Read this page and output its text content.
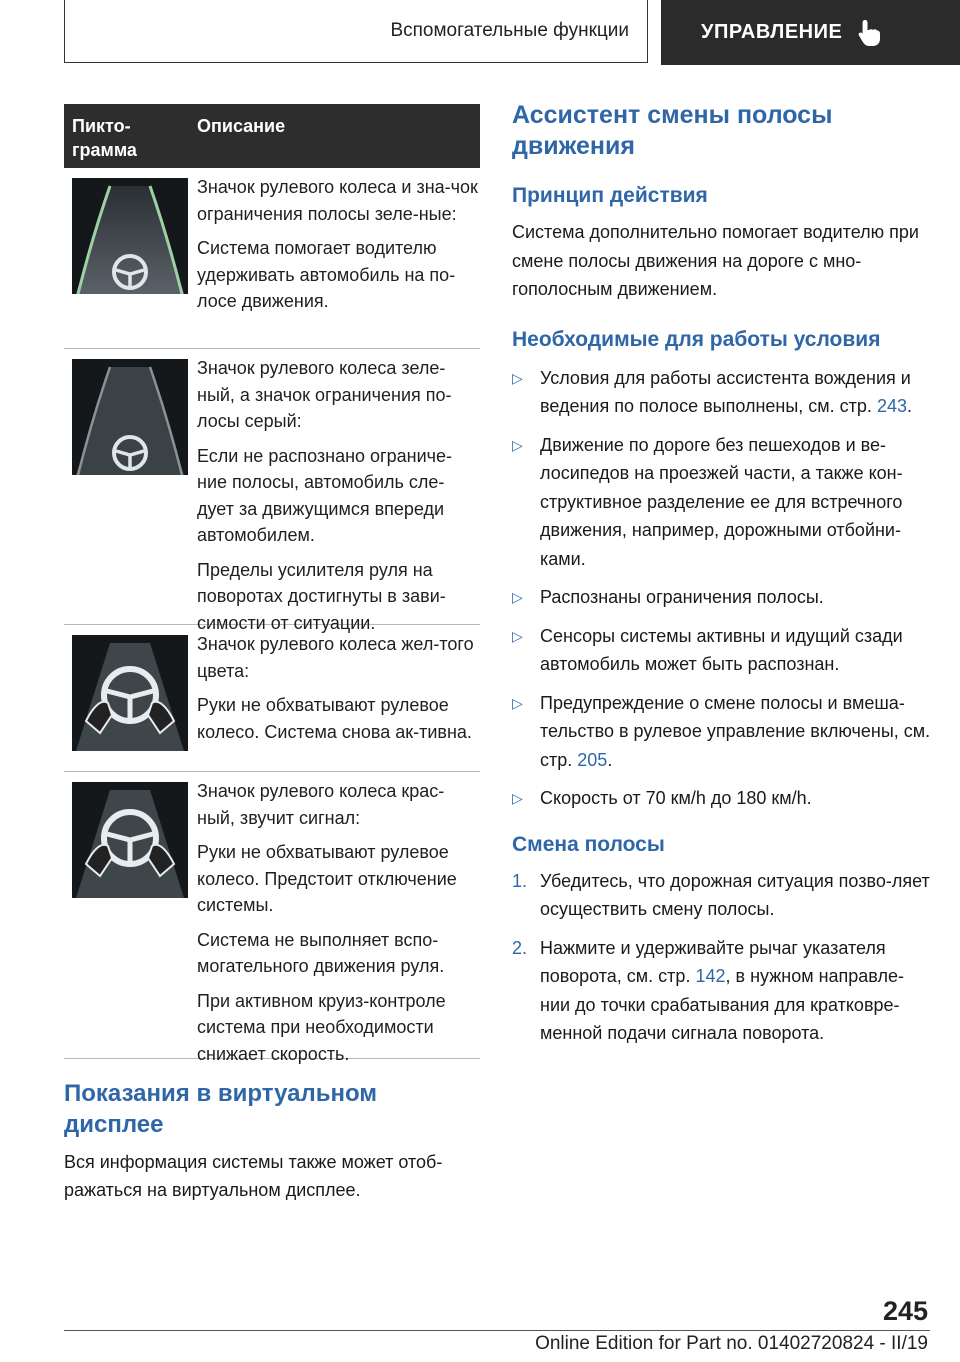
Вспомогательные функции	УПРАВЛЕНИЕ
Пикто-
грамма
Описание

Значок рулевого колеса и зна-чок ограничения полосы зеле-ные:

Система помогает водителю удерживать автомобиль на по-лосе движения.

Значок рулевого колеса зеле-ный, а значок ограничения по-лосы серый:

Если не распознано ограниче-ние полосы, автомобиль сле-дует за движущимся впереди автомобилем.

Пределы усилителя руля на поворотах достигнуты в зави-симости от ситуации.

Значок рулевого колеса жел-того цвета:

Руки не обхватывают рулевое колесо. Система снова ак-тивна.

Значок рулевого колеса крас-ный, звучит сигнал:

Руки не обхватывают рулевое колесо. Предстоит отключение системы.

Система не выполняет вспо-могательного движения руля.

При активном круиз-контроле система при необходимости снижает скорость.

Показания в виртуальном дисплее

Вся информация системы также может отоб-ражаться на виртуальном дисплее.

Ассистент смены полосы движения
Принцип действия

Система дополнительно помогает водителю при смене полосы движения на дороге с мно-гополосным движением.

Необходимые для работы условия
▷ Условия для работы ассистента вождения и ведения по полосе выполнены, см. стр. 243.
▷ Движение по дороге без пешеходов и ве-лосипедов на проезжей части, а также кон-структивное разделение ее для встречного движения, например, дорожными отбойни-ками.
▷ Распознаны ограничения полосы.
▷ Сенсоры системы активны и идущий сзади автомобиль может быть распознан.
▷ Предупреждение о смене полосы и вмеша-тельство в рулевое управление включены, см. стр. 205.
▷ Скорость от 70 км/h до 180 км/h.
Смена полосы
1. Убедитесь, что дорожная ситуация позво-ляет осуществить смену полосы.
2. Нажмите и удерживайте рычаг указателя поворота, см. стр. 142, в нужном направле-нии до точки срабатывания для кратковре-менной подачи сигнала поворота.
245
Online Edition for Part no. 01402720824 - II/19
